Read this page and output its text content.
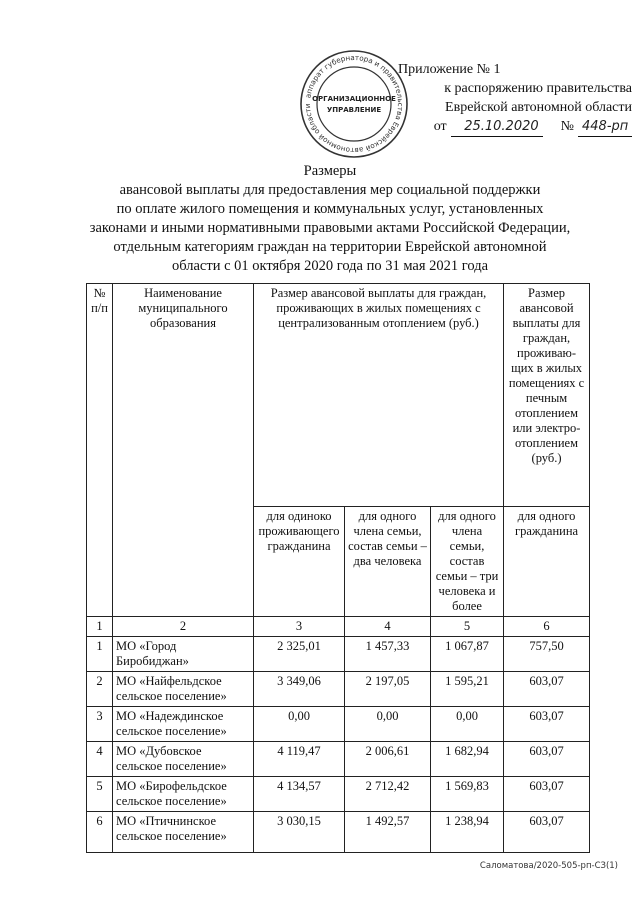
аппарат губернатора и правительства Еврейской автономной области
ОРГАНИЗАЦИОННОЕ
УПРАВЛЕНИЕ
Приложение № 1
к распоряжению правительства
Еврейской автономной области
от	25.10.2020 № 448-рп
Размеры
авансовой выплаты для предоставления мер социальной поддержки
по оплате жилого помещения и коммунальных услуг, установленных
законами и иными нормативными правовыми актами Российской Федерации,
отдельным категориям граждан на территории Еврейской автономной
области с 01 октября 2020 года по 31 мая 2021 года
№ п/п	Наименование муниципального образования	Размер авансовой выплаты для граждан, проживающих в жилых помещениях с централизованным отоплением (руб.)			Размер авансовой выплаты для граждан, проживаю-щих в жилых помещениях с печным отоплением или электро-отоплением (руб.)
		для одиноко проживающего гражданина	для одного члена семьи, состав семьи – два человека	для одного члена семьи, состав семьи – три человека и более	для одного гражданина
1	2	3	4	5	6
1	МО «Город Биробиджан»	2 325,01	1 457,33	1 067,87	757,50
2	МО «Найфельдское сельское поселение»	3 349,06	2 197,05	1 595,21	603,07
3	МО «Надеждинское сельское поселение»	0,00	0,00	0,00	603,07
4	МО «Дубовское сельское поселение»	4 119,47	2 006,61	1 682,94	603,07
5	МО «Бирофельдское сельское поселение»	4 134,57	2 712,42	1 569,83	603,07
6	МО «Птичнинское сельское поселение»	3 030,15	1 492,57	1 238,94	603,07
Саломатова/2020-505-рп-СЗ(1)
